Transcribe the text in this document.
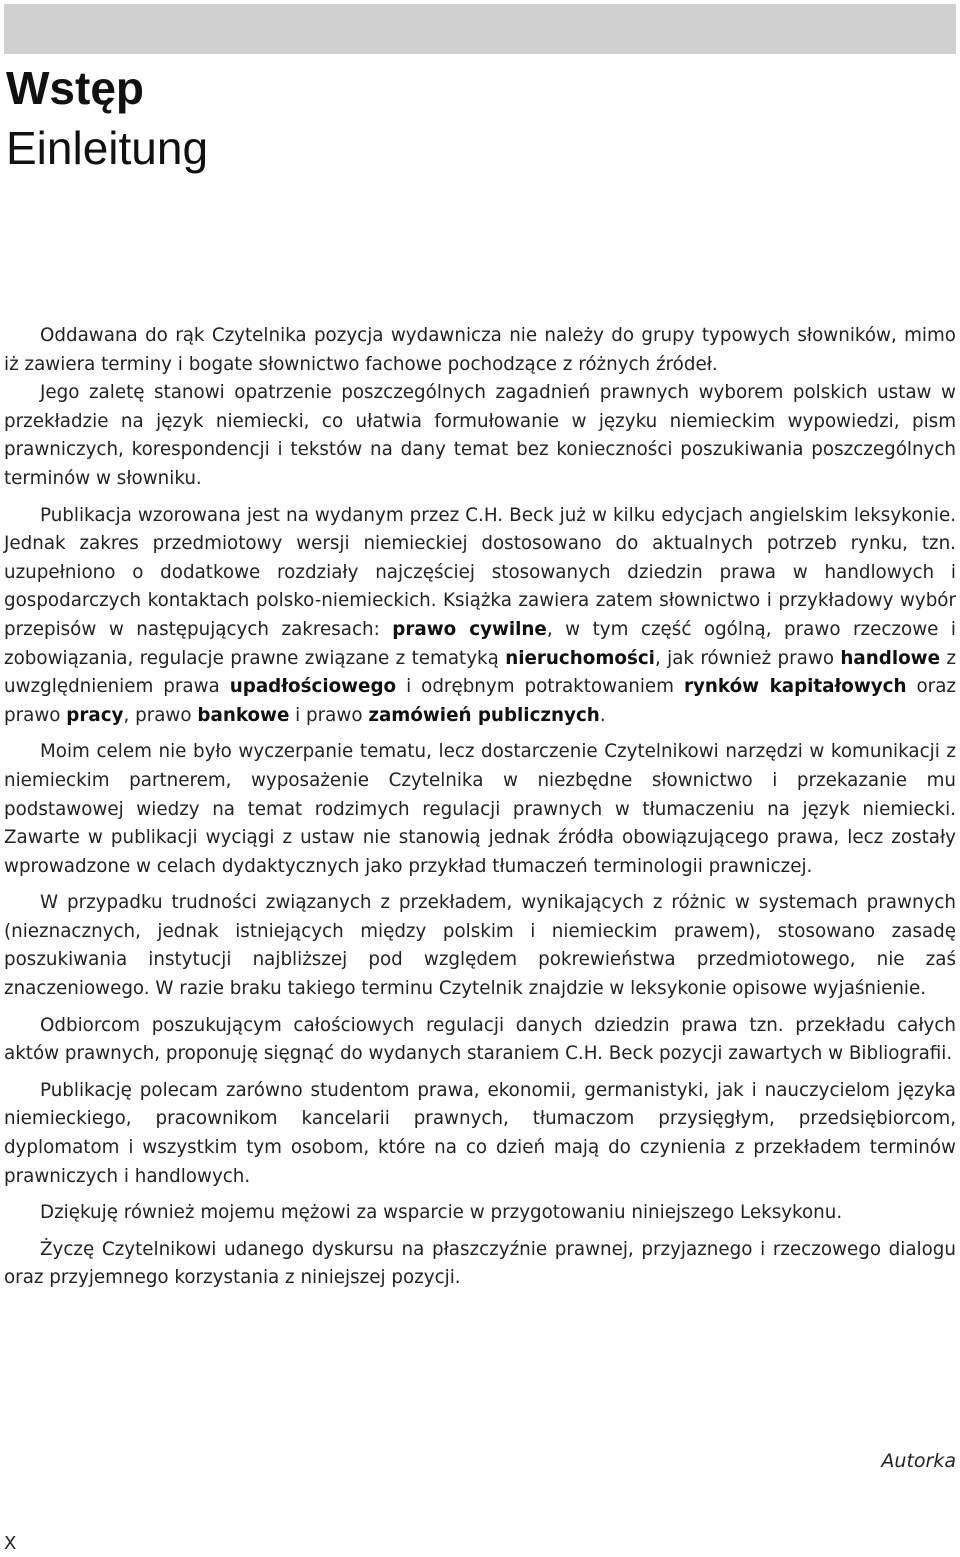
Wstęp
Einleitung

Oddawana do rąk Czytelnika pozycja wydawnicza nie należy do grupy typowych słowników, mimo iż zawiera terminy i bogate słownictwo fachowe pochodzące z różnych źródeł.

Jego zaletę stanowi opatrzenie poszczególnych zagadnień prawnych wyborem polskich ustaw w przekładzie na język niemiecki, co ułatwia formułowanie w języku niemieckim wypowiedzi, pism prawniczych, korespondencji i tekstów na dany temat bez konieczności poszukiwania poszczególnych terminów w słowniku.

Publikacja wzorowana jest na wydanym przez C.H. Beck już w kilku edycjach angielskim leksykonie. Jednak zakres przedmiotowy wersji niemieckiej dostosowano do aktualnych potrzeb rynku, tzn. uzupełniono o dodatkowe rozdziały najczęściej stosowanych dziedzin prawa w handlowych i gospodarczych kontaktach polsko-niemieckich. Książka zawiera zatem słownictwo i przykładowy wybór przepisów w następujących zakresach: prawo cywilne, w tym część ogólną, prawo rzeczowe i zobowiązania, regulacje prawne związane z tematyką nieruchomości, jak również prawo handlowe z uwzględnieniem prawa upadłościowego i odrębnym potraktowaniem rynków kapitałowych oraz prawo pracy, prawo bankowe i prawo zamówień publicznych.

Moim celem nie było wyczerpanie tematu, lecz dostarczenie Czytelnikowi narzędzi w komunikacji z niemieckim partnerem, wyposażenie Czytelnika w niezbędne słownictwo i przekazanie mu podstawowej wiedzy na temat rodzimych regulacji prawnych w tłumaczeniu na język niemiecki. Zawarte w publikacji wyciągi z ustaw nie stanowią jednak źródła obowiązującego prawa, lecz zostały wprowadzone w celach dydaktycznych jako przykład tłumaczeń terminologii prawniczej.

W przypadku trudności związanych z przekładem, wynikających z różnic w systemach prawnych (nieznacznych, jednak istniejących między polskim i niemieckim prawem), stosowano zasadę poszukiwania instytucji najbliższej pod względem pokrewieństwa przedmiotowego, nie zaś znaczeniowego. W razie braku takiego terminu Czytelnik znajdzie w leksykonie opisowe wyjaśnienie.

Odbiorcom poszukującym całościowych regulacji danych dziedzin prawa tzn. przekładu całych aktów prawnych, proponuję sięgnąć do wydanych staraniem C.H. Beck pozycji zawartych w Bibliografii.

Publikację polecam zarówno studentom prawa, ekonomii, germanistyki, jak i nauczycielom języka niemieckiego, pracownikom kancelarii prawnych, tłumaczom przysięgłym, przedsiębiorcom, dyplomatom i wszystkim tym osobom, które na co dzień mają do czynienia z przekładem terminów prawniczych i handlowych.

Dziękuję również mojemu mężowi za wsparcie w przygotowaniu niniejszego Leksykonu.

Życzę Czytelnikowi udanego dyskursu na płaszczyźnie prawnej, przyjaznego i rzeczowego dialogu oraz przyjemnego korzystania z niniejszej pozycji.

Autorka
X
